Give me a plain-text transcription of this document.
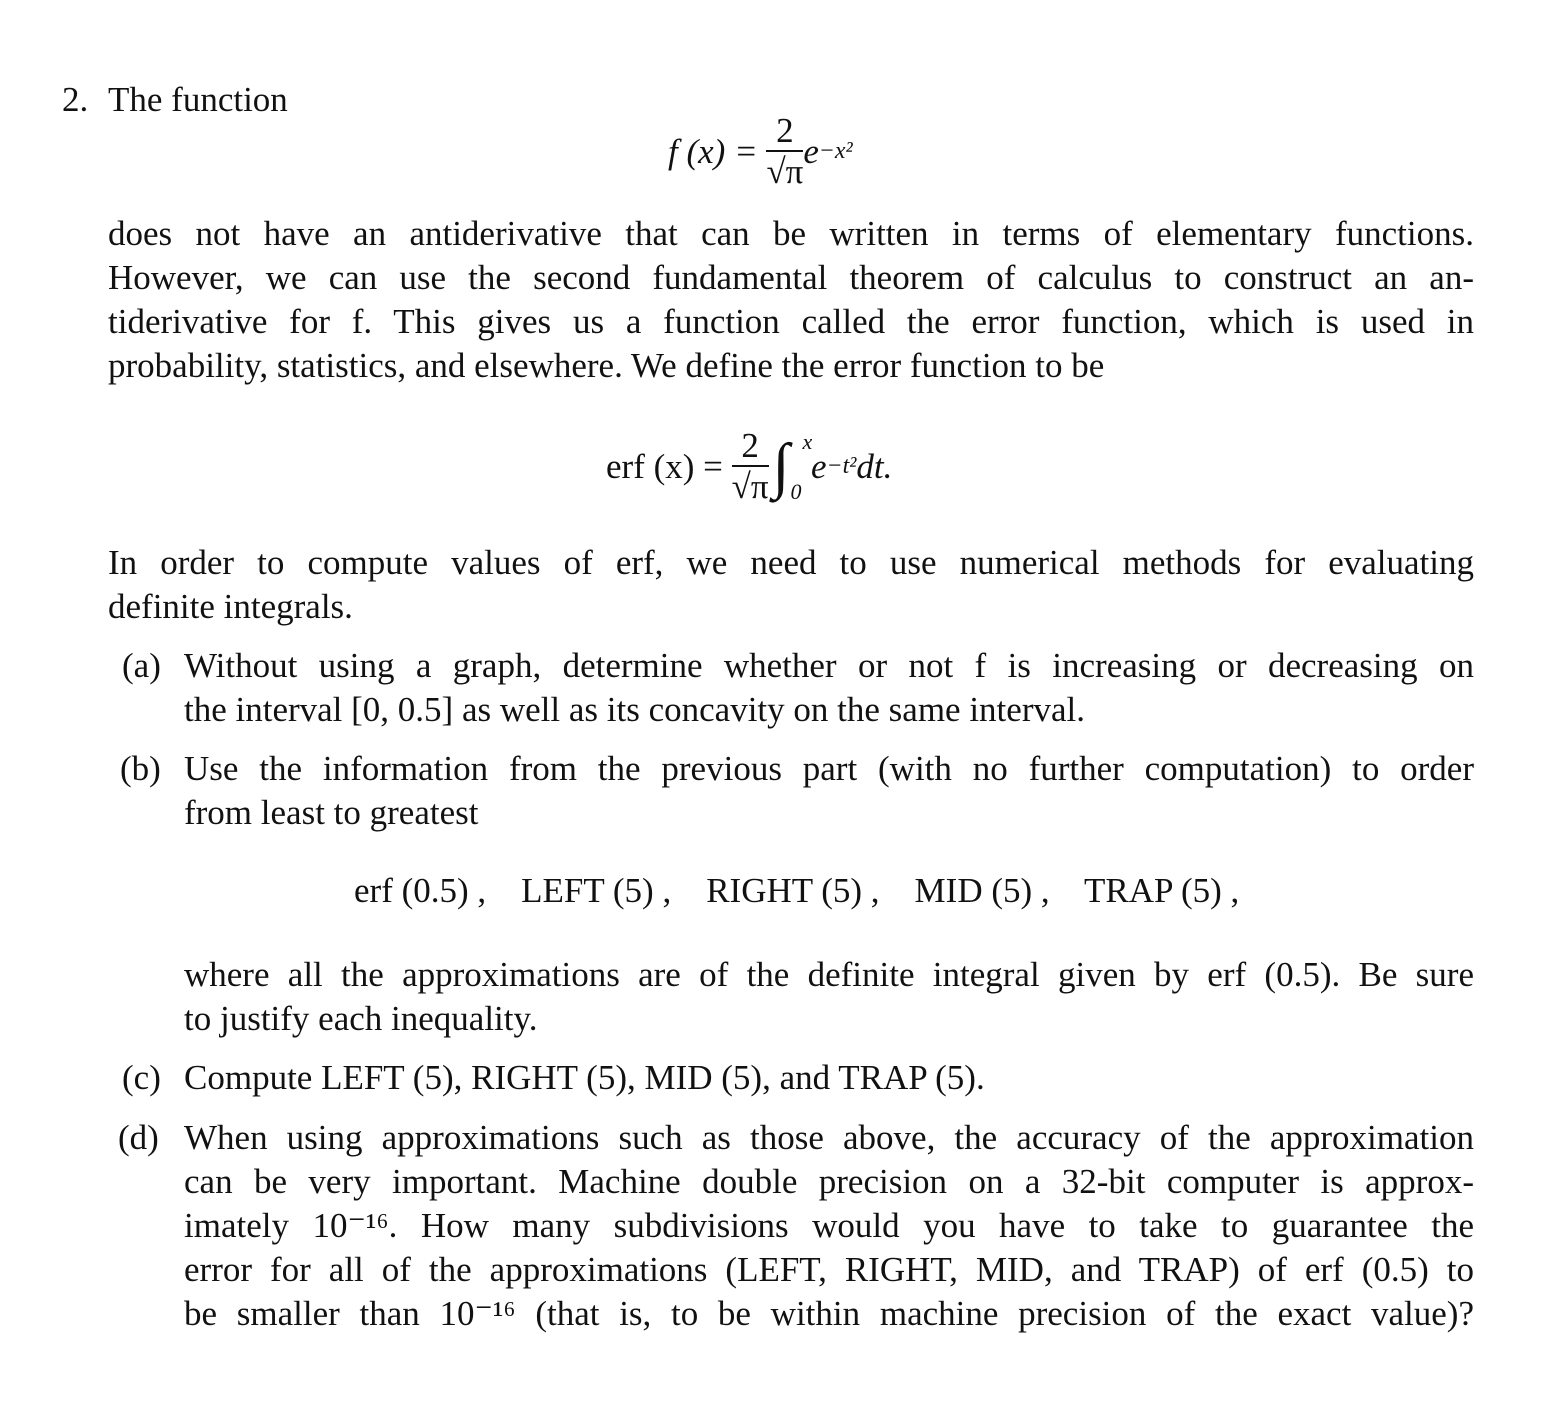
2. The function
f (x) =
$\frac{2}{√\pi}$ e −x²
does not have an antiderivative that can be written in terms of elementary functions.
However, we can use the second fundamental theorem of calculus to construct an an-
tiderivative for f. This gives us a function called the error function, which is used in
probability, statistics, and elsewhere. We define the error function to be
erf (x) =
$\frac{2}{√\pi}$ ∫ x
0

e −t² dt.
In order to compute values of erf, we need to use numerical methods for evaluating
definite integrals.
(a) Without using a graph, determine whether or not f is increasing or decreasing on
the interval [0, 0.5] as well as its concavity on the same interval.
(b) Use the information from the previous part (with no further computation) to order
from least to greatest
erf (0.5) ,    LEFT (5) ,    RIGHT (5) ,    MID (5) ,    TRAP (5) ,
where all the approximations are of the definite integral given by erf (0.5). Be sure
to justify each inequality.
(c) Compute LEFT (5), RIGHT (5), MID (5), and TRAP (5).
(d) When using approximations such as those above, the accuracy of the approximation
can be very important. Machine double precision on a 32-bit computer is approx-
imately 10⁻¹⁶. How many subdivisions would you have to take to guarantee the
error for all of the approximations (LEFT, RIGHT, MID, and TRAP) of erf (0.5) to
be smaller than 10⁻¹⁶ (that is, to be within machine precision of the exact value)?
